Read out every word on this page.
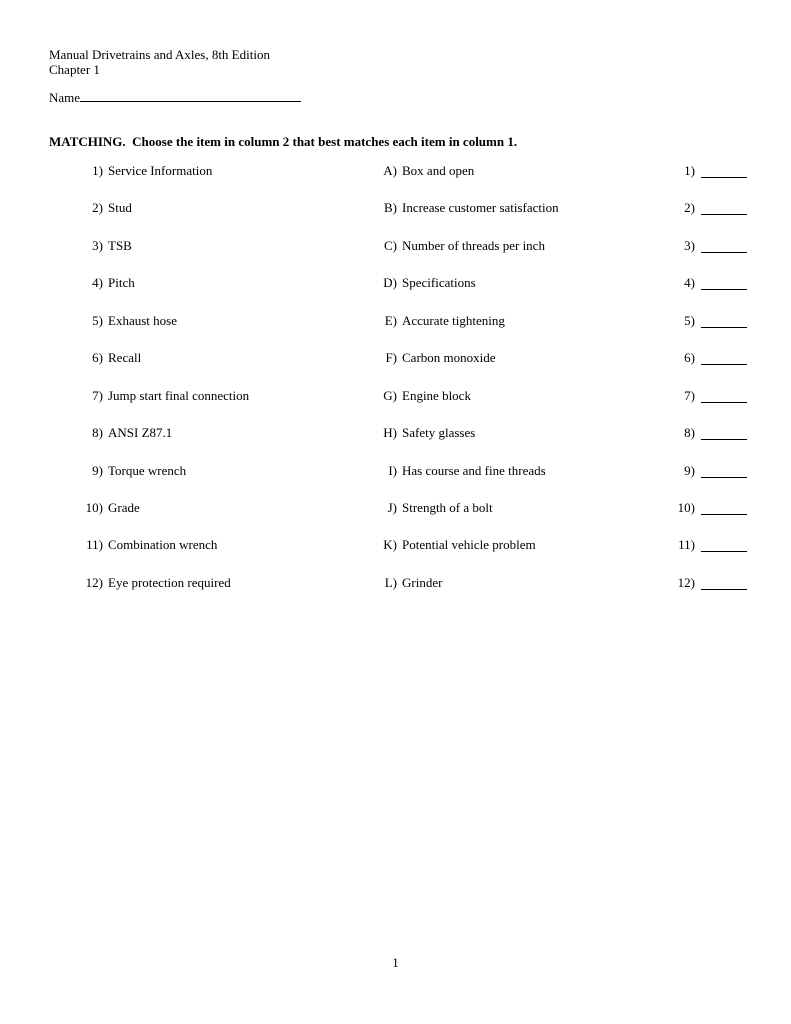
Manual Drivetrains and Axles, 8th Edition
Chapter 1
Name
MATCHING.  Choose the item in column 2 that best matches each item in column 1.
1) Service Information	A) Box and open	1)
2) Stud	B) Increase customer satisfaction	2)
3) TSB	C) Number of threads per inch	3)
4) Pitch	D) Specifications	4)
5) Exhaust hose	E) Accurate tightening	5)
6) Recall	F) Carbon monoxide	6)
7) Jump start final connection	G) Engine block	7)
8) ANSI Z87.1	H) Safety glasses	8)
9) Torque wrench	I) Has course and fine threads	9)
10) Grade	J) Strength of a bolt	10)
11) Combination wrench	K) Potential vehicle problem	11)
12) Eye protection required	L) Grinder	12)
1
